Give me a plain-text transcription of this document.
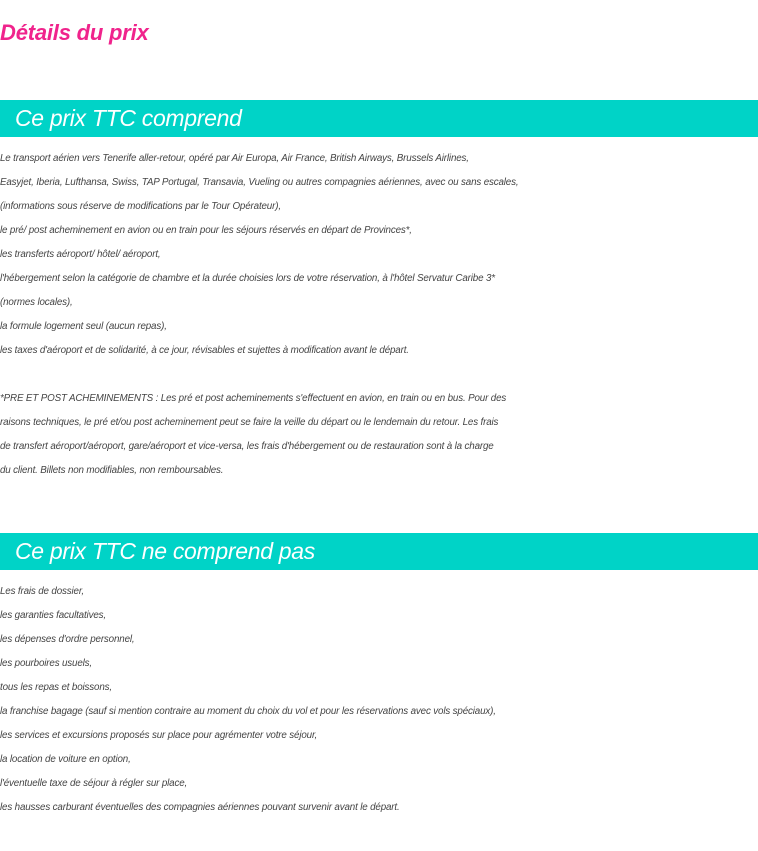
Détails du prix
Ce prix TTC comprend
Le transport aérien vers Tenerife aller-retour, opéré par Air Europa, Air France, British Airways, Brussels Airlines,
Easyjet, Iberia, Lufthansa, Swiss, TAP Portugal, Transavia, Vueling ou autres compagnies aériennes, avec ou sans escales,
(informations sous réserve de modifications par le Tour Opérateur),
le pré/ post acheminement en avion ou en train pour les séjours réservés en départ de Provinces*,
les transferts aéroport/ hôtel/ aéroport,
l'hébergement selon la catégorie de chambre et la durée choisies lors de votre réservation, à l'hôtel Servatur Caribe 3*
(normes locales),
la formule logement seul (aucun repas),
les taxes d'aéroport et de solidarité, à ce jour, révisables et sujettes à modification avant le départ.
*PRE ET POST ACHEMINEMENTS : Les pré et post acheminements s'effectuent en avion, en train ou en bus. Pour des
raisons techniques, le pré et/ou post acheminement peut se faire la veille du départ ou le lendemain du retour. Les frais
de transfert aéroport/aéroport, gare/aéroport et vice-versa, les frais d'hébergement ou de restauration sont à la charge
du client. Billets non modifiables, non remboursables.
Ce prix TTC ne comprend pas
Les frais de dossier,
les garanties facultatives,
les dépenses d'ordre personnel,
les pourboires usuels,
tous les repas et boissons,
la franchise bagage (sauf si mention contraire au moment du choix du vol et pour les réservations avec vols spéciaux),
les services et excursions proposés sur place pour agrémenter votre séjour,
la location de voiture en option,
l'éventuelle taxe de séjour à régler sur place,
les hausses carburant éventuelles des compagnies aériennes pouvant survenir avant le départ.
